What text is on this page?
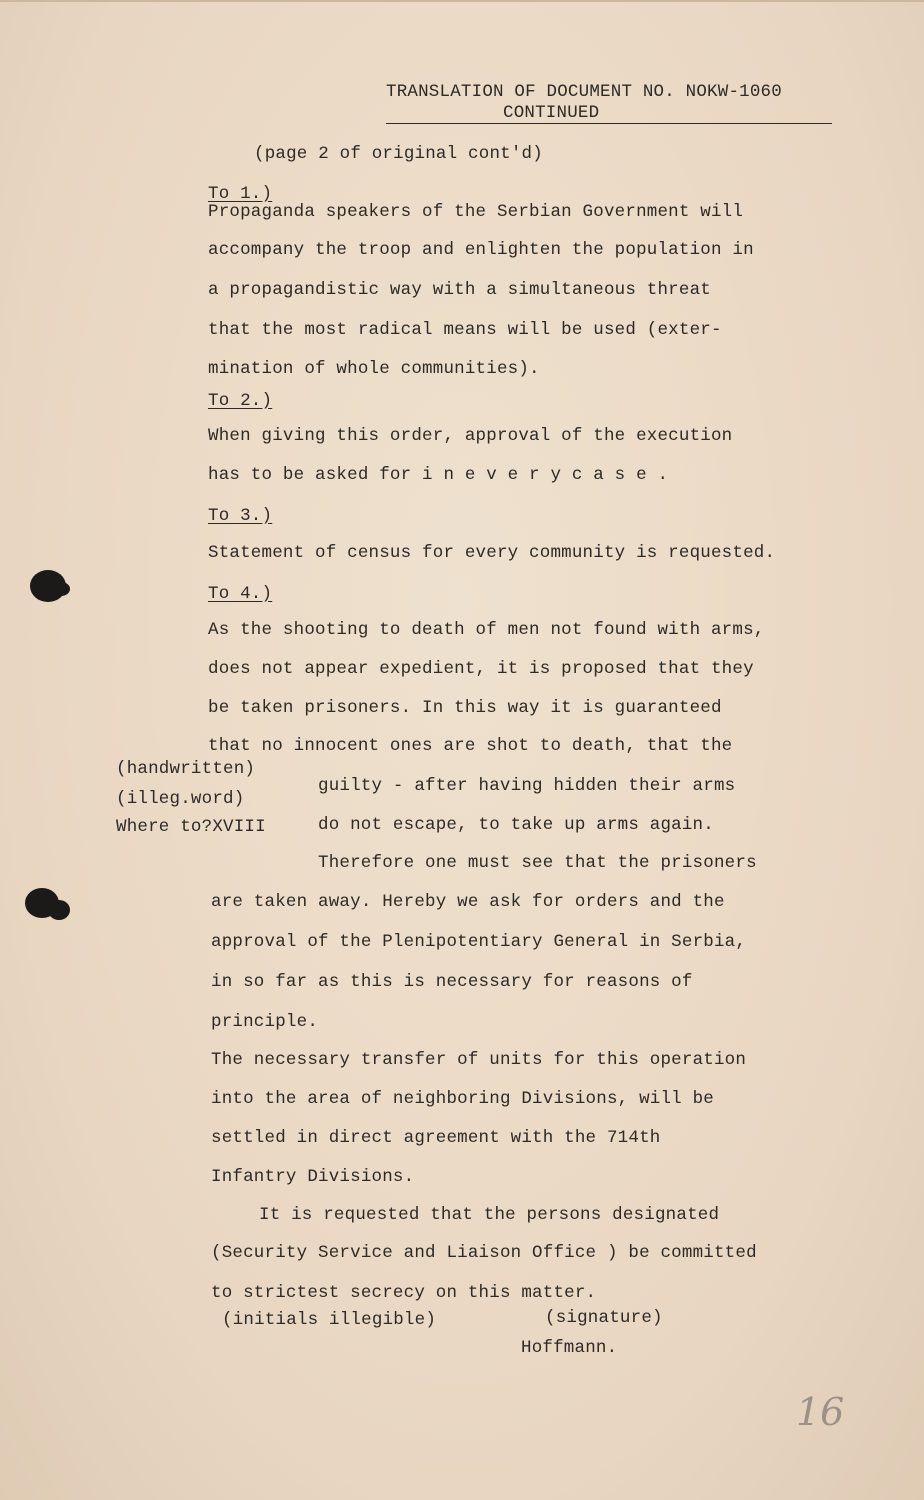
TRANSLATION OF DOCUMENT NO. NOKW-1060
CONTINUED
(page 2 of original cont'd)
To 1.)
Propaganda speakers of the Serbian Government will
accompany the troop and enlighten the population in
a propagandistic way with a simultaneous threat
that the most radical means will be used (exter-
mination of whole communities).
To 2.)
When giving this order, approval of the execution
has to be asked for i n e v e r y c a s e .
To 3.)
Statement of census for every community is requested.
To 4.)
As the shooting to death of men not found with arms,
does not appear expedient, it is proposed that they
be taken prisoners. In this way it is guaranteed
that no innocent ones are shot to death, that the
(handwritten)
(illeg.word)
Where to?XVIII
guilty - after having hidden their arms
do not escape, to take up arms again.
Therefore one must see that the prisoners
are taken away. Hereby we ask for orders and the
approval of the Plenipotentiary General in Serbia,
in so far as this is necessary for reasons of
principle.
The necessary transfer of units for this operation
into the area of neighboring Divisions, will be
settled in direct agreement with the 714th
Infantry Divisions.
It is requested that the persons designated
(Security Service and Liaison Office ) be committed
to strictest secrecy on this matter.
(initials illegible)	(signature)
Hoffmann.
16
